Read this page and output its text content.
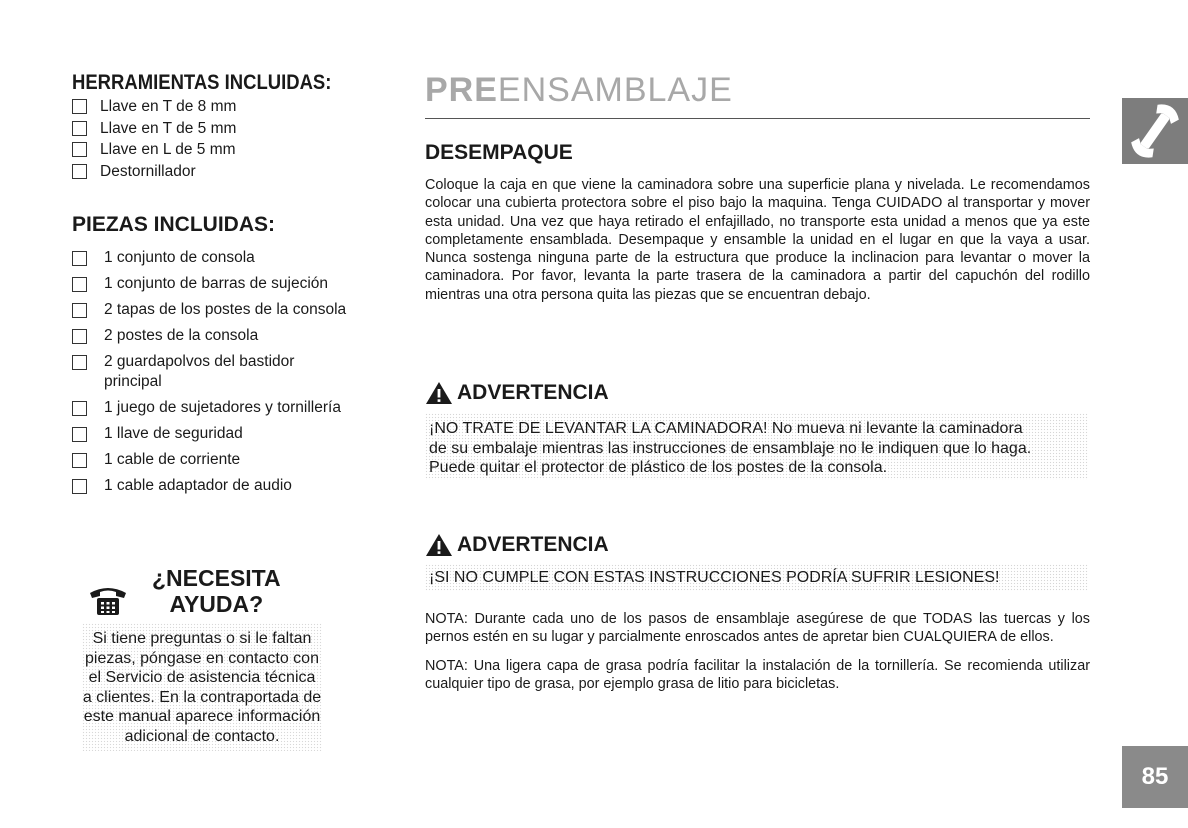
HERRAMIENTAS INCLUIDAS:
Llave en T de 8 mm
Llave en T de 5 mm
Llave en L de 5 mm
Destornillador
PIEZAS INCLUIDAS:
1 conjunto de consola
1 conjunto de barras de sujeción
2 tapas de los postes de la consola
2 postes de la consola
2 guardapolvos del bastidor principal
1 juego de sujetadores y tornillería
1 llave de seguridad
1 cable de corriente
1 cable adaptador de audio
¿NECESITA
AYUDA?
Si tiene preguntas o si le faltan piezas, póngase en contacto con el Servicio de asistencia técnica a clientes. En la contraportada de este manual aparece información adicional de contacto.
PREENSAMBLAJE
DESEMPAQUE

Coloque la caja en que viene la caminadora sobre una superficie plana y nivelada. Le recomendamos colocar una cubierta protectora sobre el piso bajo la maquina. Tenga CUIDADO al transportar y mover esta unidad. Una vez que haya retirado el enfajillado, no transporte esta unidad a menos que ya este completamente ensamblada. Desempaque y ensamble la unidad en el lugar en que la vaya a usar. Nunca sostenga ninguna parte de la estructura que produce la inclinacion para levantar o mover la caminadora. Por favor, levanta la parte trasera de la caminadora a partir del capuchón del rodillo mientras una otra persona quita las piezas que se encuentran debajo.

ADVERTENCIA
¡NO TRATE DE LEVANTAR LA CAMINADORA! No mueva ni levante la caminadora de su embalaje mientras las instrucciones de ensamblaje no le indiquen que lo haga. Puede quitar el protector de plástico de los postes de la consola.
ADVERTENCIA
¡SI NO CUMPLE CON ESTAS INSTRUCCIONES PODRÍA SUFRIR LESIONES!

NOTA: Durante cada uno de los pasos de ensamblaje asegúrese de que TODAS las tuercas y los pernos estén en su lugar y parcialmente enroscados antes de apretar bien CUALQUIERA de ellos.

NOTA: Una ligera capa de grasa podría facilitar la instalación de la tornillería. Se recomienda utilizar cualquier tipo de grasa, por ejemplo grasa de litio para bicicletas.

85
